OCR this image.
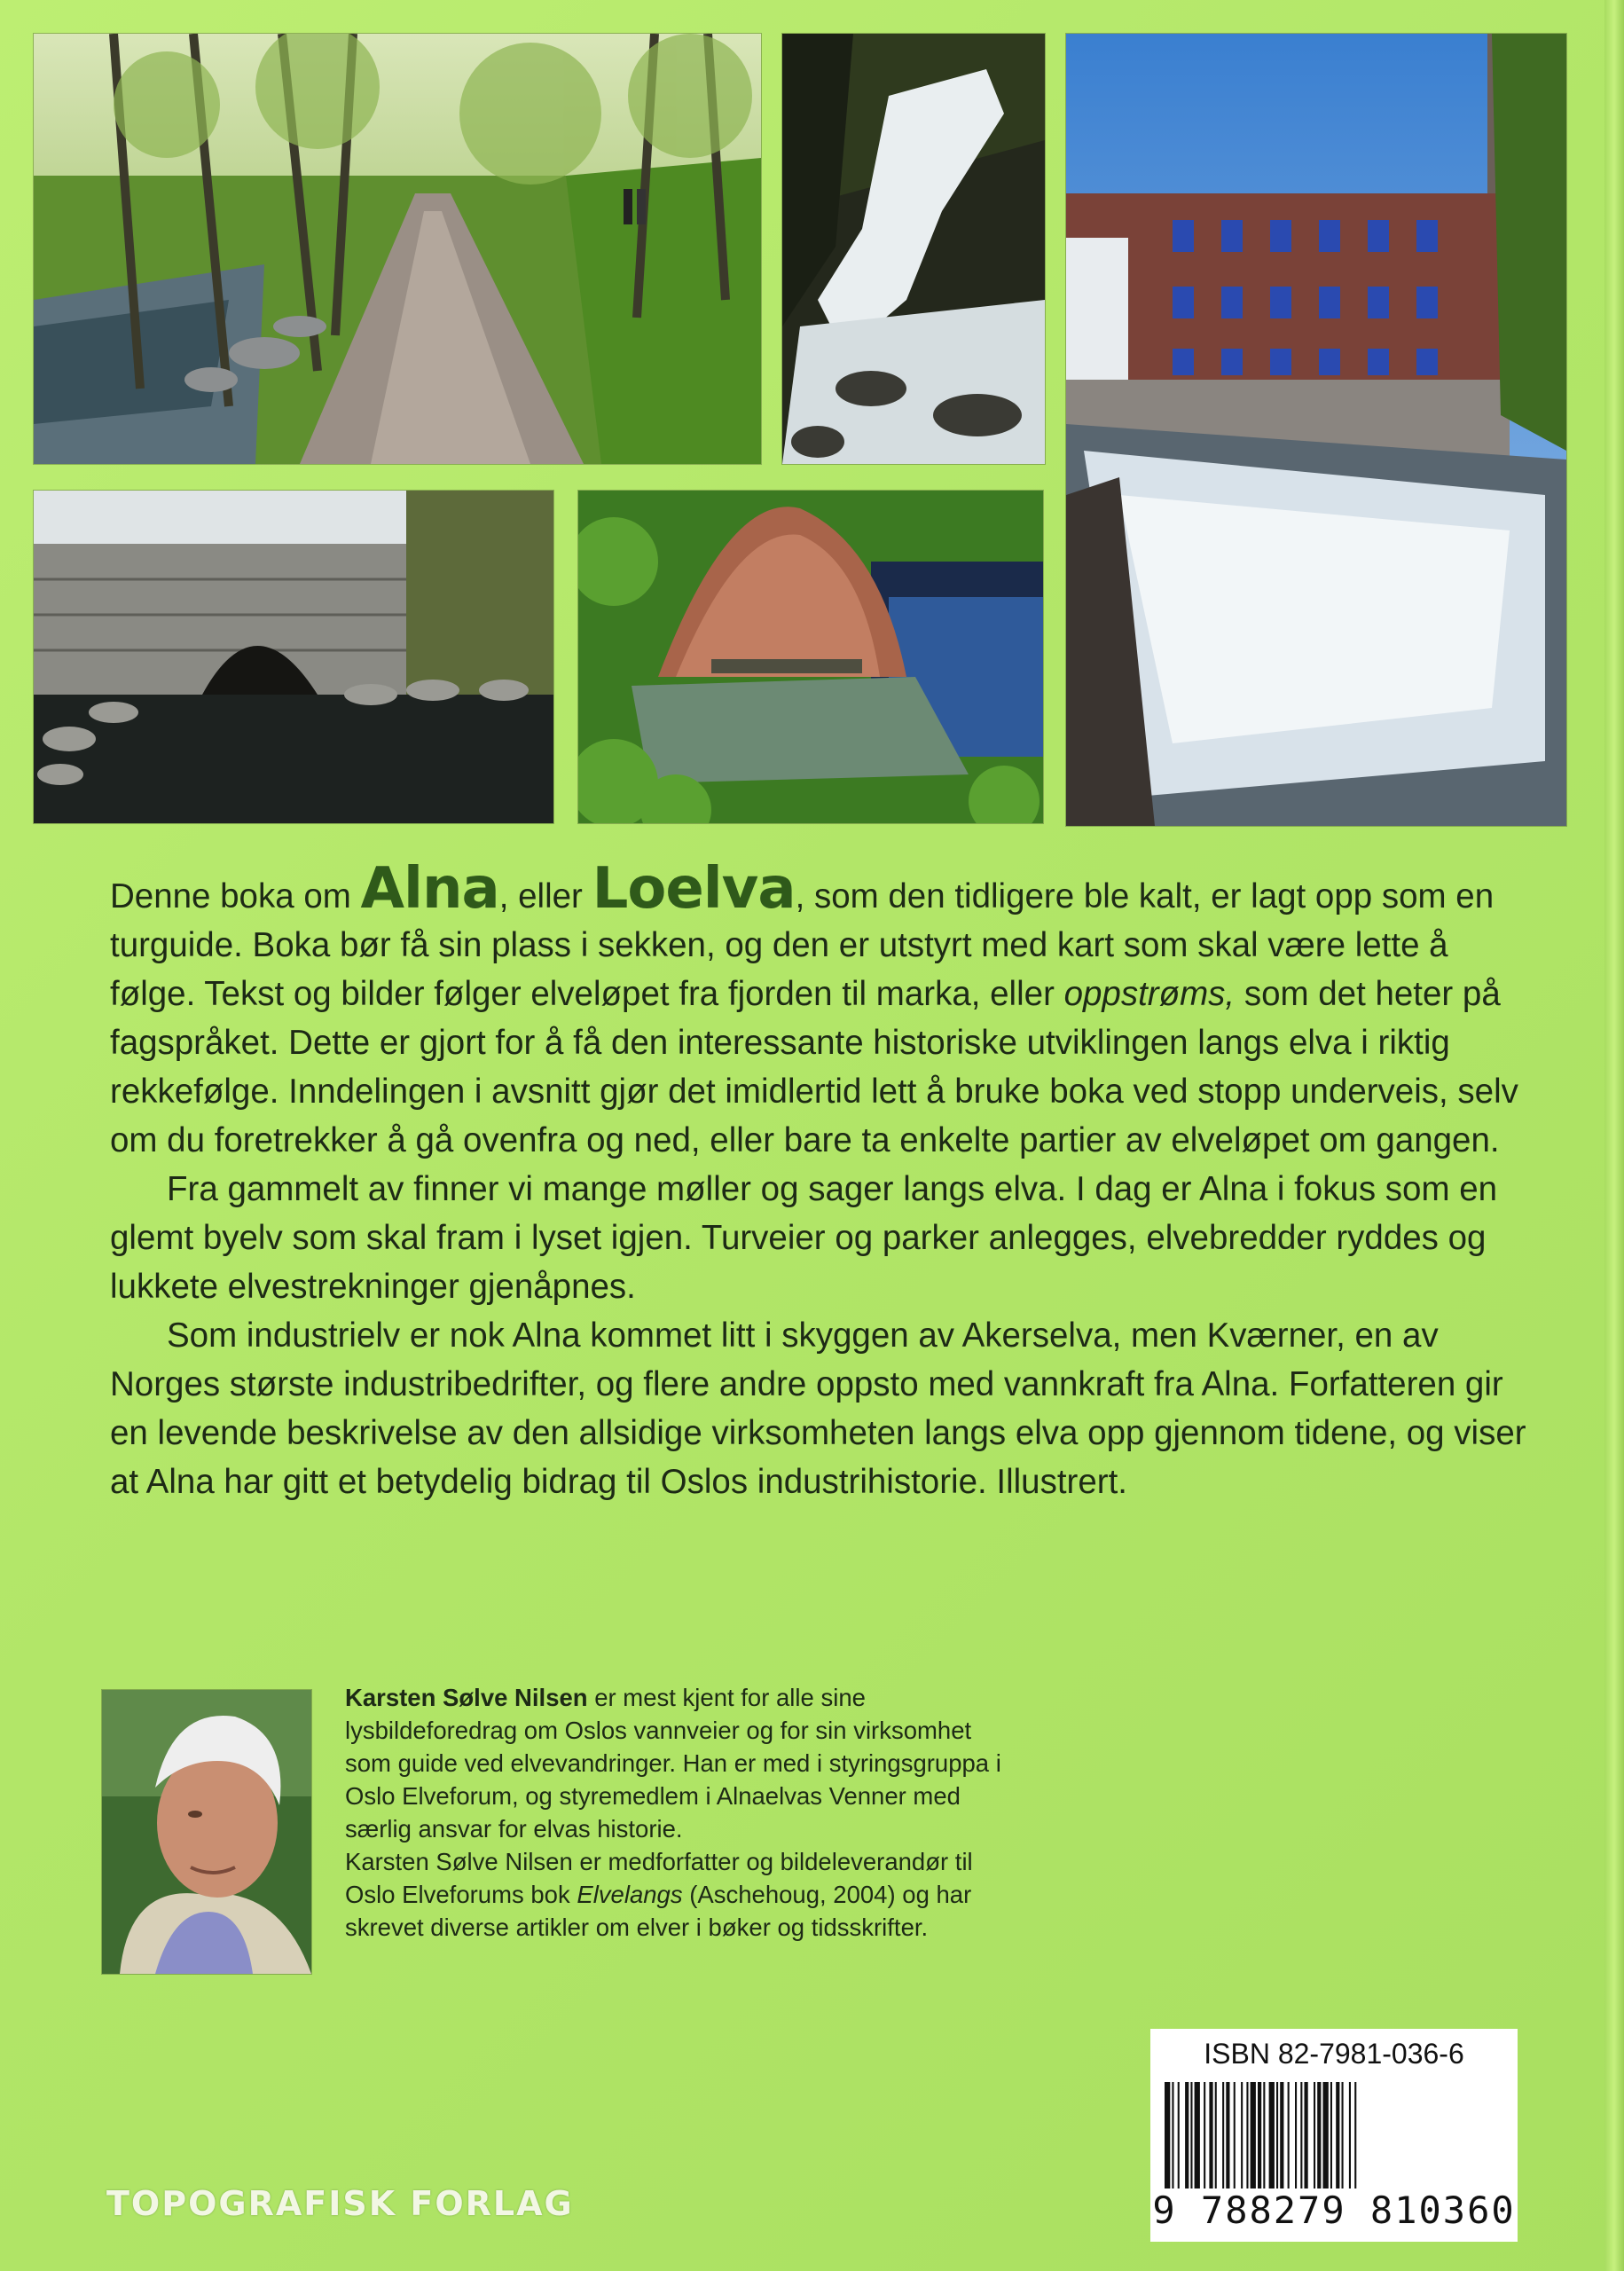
Denne boka om Alna, eller Loelva, som den tidligere ble kalt, er lagt opp som en turguide. Boka bør få sin plass i sekken, og den er utstyrt med kart som skal være lette å følge. Tekst og bilder følger elveløpet fra fjorden til marka, eller oppstrøms, som det heter på fagspråket. Dette er gjort for å få den interessante historiske utviklingen langs elva i riktig rekkefølge. Inndelingen i avsnitt gjør det imidlertid lett å bruke boka ved stopp underveis, selv om du foretrekker å gå ovenfra og ned, eller bare ta enkelte partier av elveløpet om gangen.

Fra gammelt av finner vi mange møller og sager langs elva. I dag er Alna i fokus som en glemt byelv som skal fram i lyset igjen. Turveier og parker anlegges, elvebredder ryddes og lukkete elvestrekninger gjenåpnes.

Som industrielv er nok Alna kommet litt i skyggen av Akerselva, men Kværner, en av Norges største industribedrifter, og flere andre oppsto med vannkraft fra Alna. Forfatteren gir en levende beskrivelse av den allsidige virksomheten langs elva opp gjennom tidene, og viser at Alna har gitt et betydelig bidrag til Oslos industrihistorie. Illustrert.

Karsten Sølve Nilsen er mest kjent for alle sine lysbildeforedrag om Oslos vannveier og for sin virksomhet som guide ved elvevandringer. Han er med i styringsgruppa i Oslo Elveforum, og styremedlem i Alnaelvas Venner med særlig ansvar for elvas historie.

Karsten Sølve Nilsen er medforfatter og bildeleverandør til Oslo Elveforums bok Elvelangs (Aschehoug, 2004) og har skrevet diverse artikler om elver i bøker og tidsskrifter.

ISBN 82-7981-036-6
9 788279 810360
TOPOGRAFISK FORLAG
